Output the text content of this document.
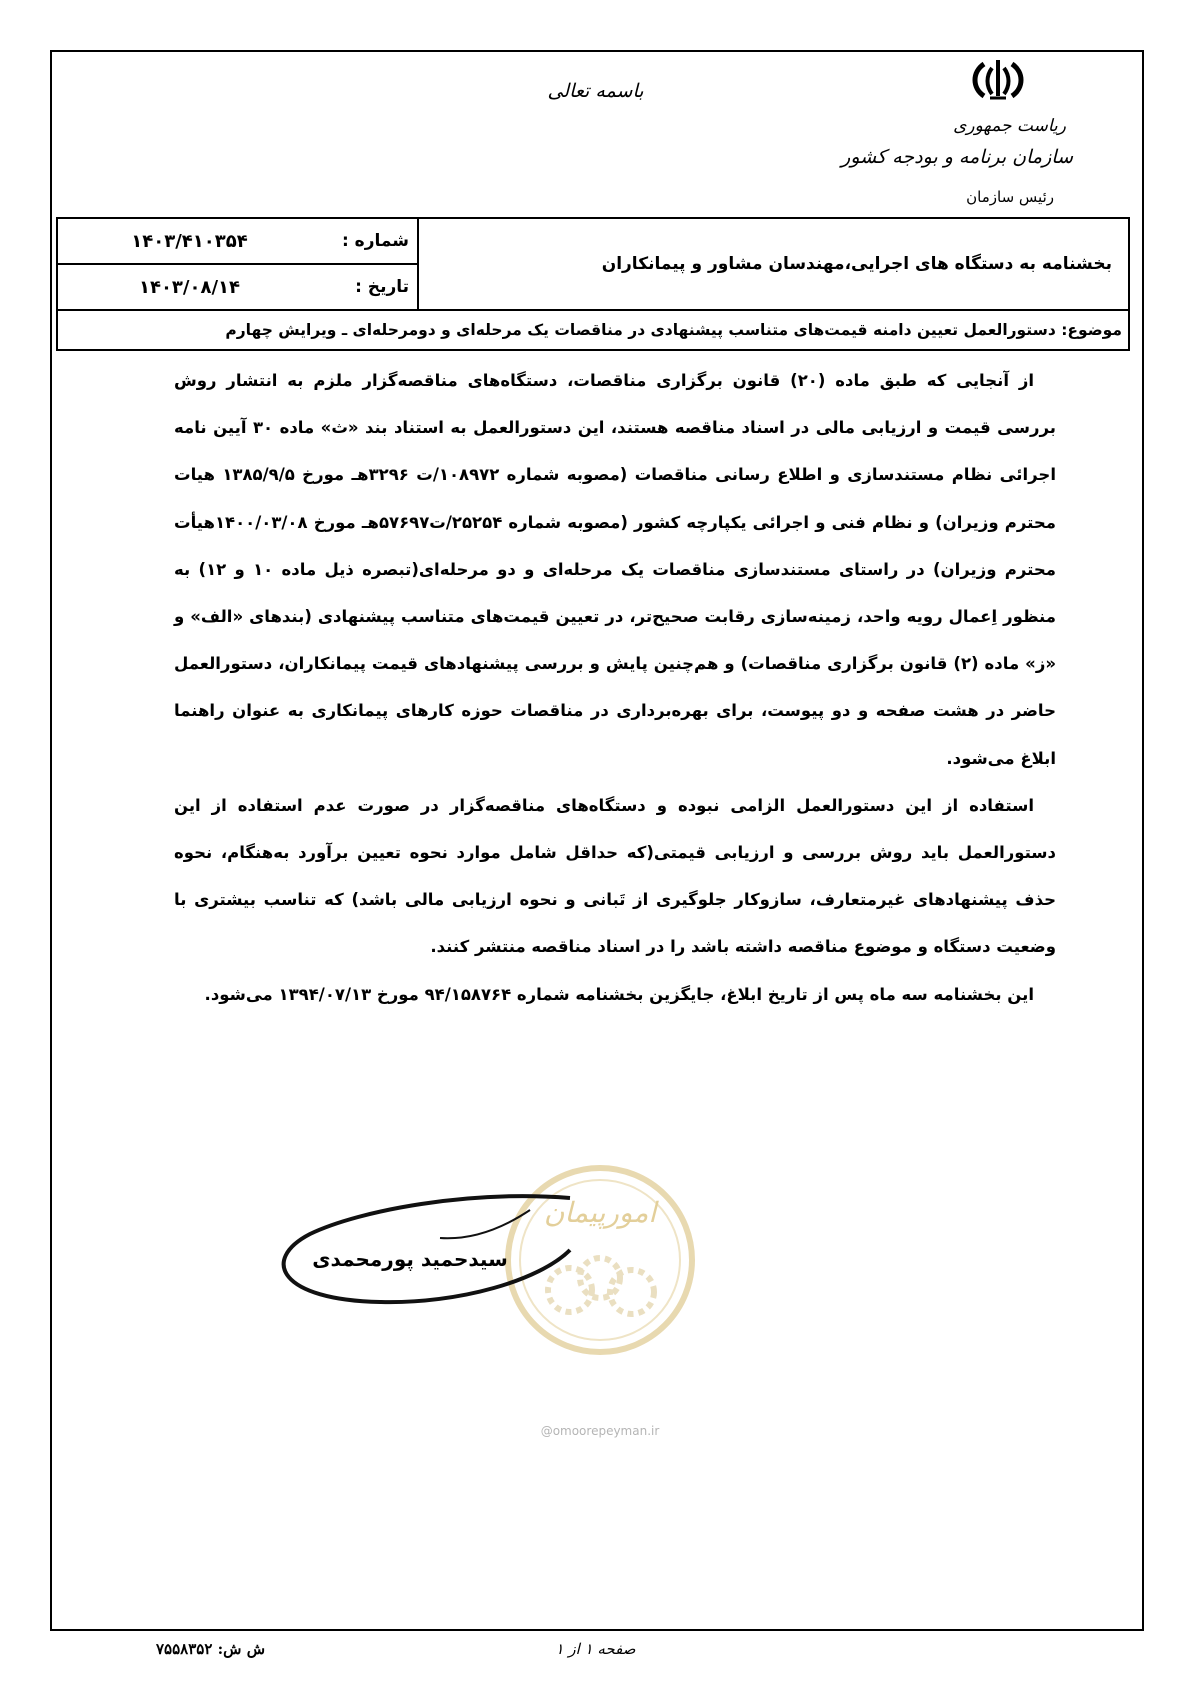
باسمه تعالی
ریاست جمهوری
سازمان برنامه و بودجه کشور
رئیس سازمان
بخشنامه به دستگاه های اجرایی،مهندسان مشاور و پیمانکاران	شماره :	۱۴۰۳/۴۱۰۳۵۴
	تاریخ :	۱۴۰۳/۰۸/۱۴
موضوع: دستورالعمل تعیین دامنه قیمت‌های متناسب پیشنهادی در مناقصات یک مرحله‌ای و دومرحله‌ای ـ ویرایش چهارم		

از آنجایی که طبق ماده (۲۰) قانون برگزاری مناقصات، دستگاه‌های مناقصه‌گزار ملزم به انتشار روش بررسی قیمت و ارزیابی مالی در اسناد مناقصه هستند، این دستورالعمل به استناد بند «ث» ماده ۳۰ آیین نامه اجرائی نظام مستندسازی و اطلاع رسانی مناقصات (مصوبه شماره ۱۰۸۹۷۲/ت ۳۲۹۶هـ مورخ ۱۳۸۵/۹/۵ هیات محترم وزیران) و نظام فنی و اجرائی یکپارچه کشور (مصوبه شماره ۲۵۲۵۴/ت۵۷۶۹۷هـ مورخ ۱۴۰۰/۰۳/۰۸هیأت محترم وزیران) در راستای مستندسازی مناقصات یک مرحله‌ای و دو مرحله‌ای(تبصره ذیل ماده ۱۰ و ۱۲) به منظور اِعمال رویه واحد، زمینه‌سازی رقابت صحیح‌تر، در تعیین قیمت‌های متناسب پیشنهادی (بندهای «الف» و «ز» ماده (۲) قانون برگزاری مناقصات) و هم‌چنین پایش و بررسی پیشنهادهای قیمت پیمانکاران، دستورالعمل حاضر در هشت صفحه و دو پیوست، برای بهره‌برداری در مناقصات حوزه کارهای پیمانکاری به عنوان راهنما ابلاغ می‌شود.

استفاده از این دستورالعمل الزامی نبوده و دستگاه‌های مناقصه‌گزار در صورت عدم استفاده از این دستورالعمل باید روش بررسی و ارزیابی قیمتی(که حداقل شامل موارد نحوه تعیین برآورد به‌هنگام، نحوه حذف پیشنهادهای غیرمتعارف، سازوکار جلوگیری از تَبانی و نحوه ارزیابی مالی باشد) که تناسب بیشتری با وضعیت دستگاه و موضوع مناقصه داشته باشد را در اسناد مناقصه منتشر کنند.

این بخشنامه سه ماه پس از تاریخ ابلاغ، جایگزین بخشنامه شماره ۹۴/۱۵۸۷۶۴ مورخ ۱۳۹۴/۰۷/۱۳ می‌شود.

امورپیمان
@omoorepeyman.ir
سیدحمید پورمحمدی
ش ش: ۷۵۵۸۳۵۲	صفحه ۱ از ۱
